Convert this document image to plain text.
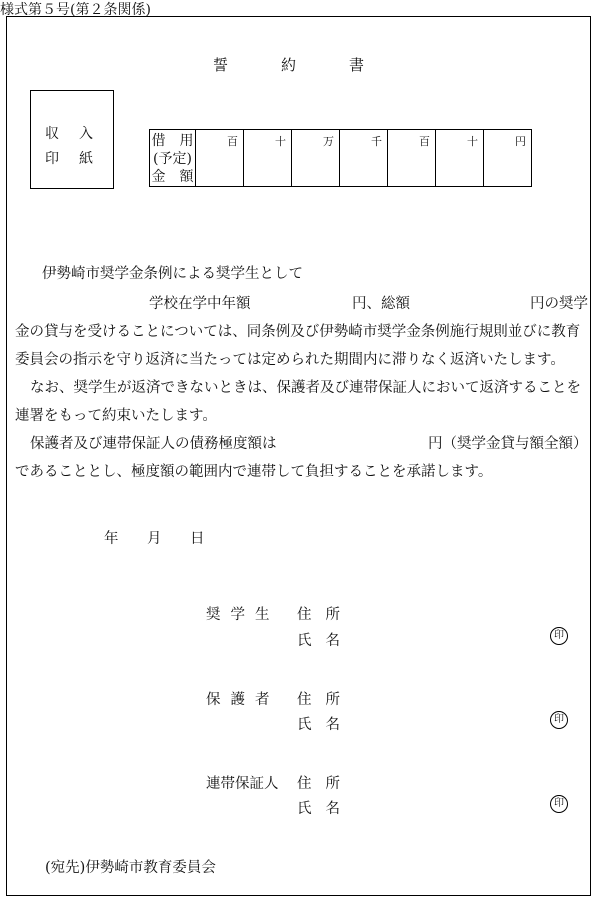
様式第５号(第２条関係)
誓約書
収入
印紙
借　用
(予定)
金　額
	百	十	万	千	百	十	円
伊勢崎市奨学金条例による奨学生として
学校在学中年額	円、総額	円の奨学
金の貸与を受けることについては、同条例及び伊勢崎市奨学金条例施行規則並びに教育
委員会の指示を守り返済に当たっては定められた期間内に滞りなく返済いたします。
なお、奨学生が返済できないときは、保護者及び連帯保証人において返済することを
連署をもって約束いたします。
保護者及び連帯保証人の債務極度額は	円（奨学金貸与額全額）
であることとし、極度額の範囲内で連帯して負担することを承諾します。
年 月 日
奨学生 住所
氏名	印
保護者 住所
氏名	印
連帯保証人 住所
氏名	印
(宛先)伊勢崎市教育委員会
